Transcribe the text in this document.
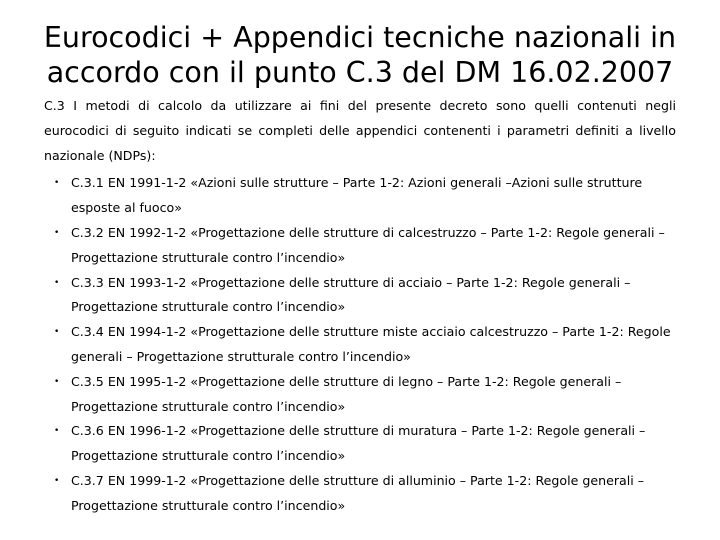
Eurocodici + Appendici tecniche nazionali in
accordo con il punto C.3 del DM 16.02.2007

C.3 I metodi di calcolo da utilizzare ai fini del presente decreto sono quelli contenuti negli eurocodici di seguito indicati se completi delle appendici contenenti i parametri definiti a livello nazionale (NDPs):

• C.3.1 EN 1991-1-2 «Azioni sulle strutture – Parte 1-2: Azioni generali –Azioni sulle strutture esposte al fuoco»
• C.3.2 EN 1992-1-2 «Progettazione delle strutture di calcestruzzo – Parte 1-2: Regole generali – Progettazione strutturale contro l’incendio»
• C.3.3 EN 1993-1-2 «Progettazione delle strutture di acciaio – Parte 1-2: Regole generali – Progettazione strutturale contro l’incendio»
• C.3.4 EN 1994-1-2 «Progettazione delle strutture miste acciaio calcestruzzo – Parte 1-2: Regole generali – Progettazione strutturale contro l’incendio»
• C.3.5 EN 1995-1-2 «Progettazione delle strutture di legno – Parte 1-2: Regole generali – Progettazione strutturale contro l’incendio»
• C.3.6 EN 1996-1-2 «Progettazione delle strutture di muratura – Parte 1-2: Regole generali – Progettazione strutturale contro l’incendio»
• C.3.7 EN 1999-1-2 «Progettazione delle strutture di alluminio – Parte 1-2: Regole generali – Progettazione strutturale contro l’incendio»
